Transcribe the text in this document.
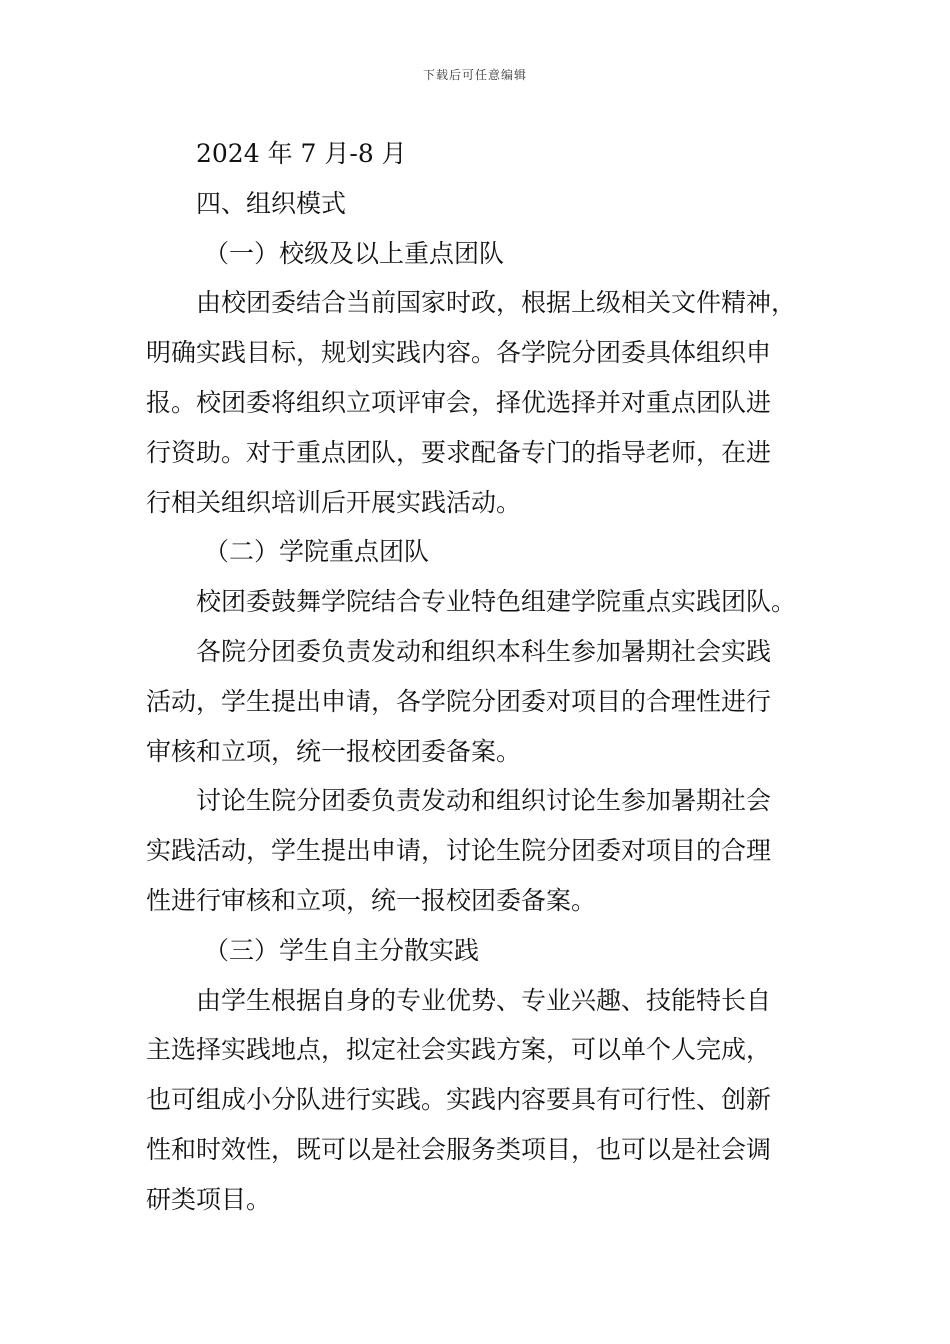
下载后可任意编辑
2024 年 7 月-8 月
四、组织模式
（一）校级及以上重点团队
由校团委结合当前国家时政，根据上级相关文件精神，
明确实践目标，规划实践内容。各学院分团委具体组织申
报。校团委将组织立项评审会，择优选择并对重点团队进
行资助。对于重点团队，要求配备专门的指导老师，在进
行相关组织培训后开展实践活动。
（二）学院重点团队
校团委鼓舞学院结合专业特色组建学院重点实践团队。
各院分团委负责发动和组织本科生参加暑期社会实践
活动，学生提出申请，各学院分团委对项目的合理性进行
审核和立项，统一报校团委备案。
讨论生院分团委负责发动和组织讨论生参加暑期社会
实践活动，学生提出申请，讨论生院分团委对项目的合理
性进行审核和立项，统一报校团委备案。
（三）学生自主分散实践
由学生根据自身的专业优势、专业兴趣、技能特长自
主选择实践地点，拟定社会实践方案，可以单个人完成，
也可组成小分队进行实践。实践内容要具有可行性、创新
性和时效性，既可以是社会服务类项目，也可以是社会调
研类项目。
